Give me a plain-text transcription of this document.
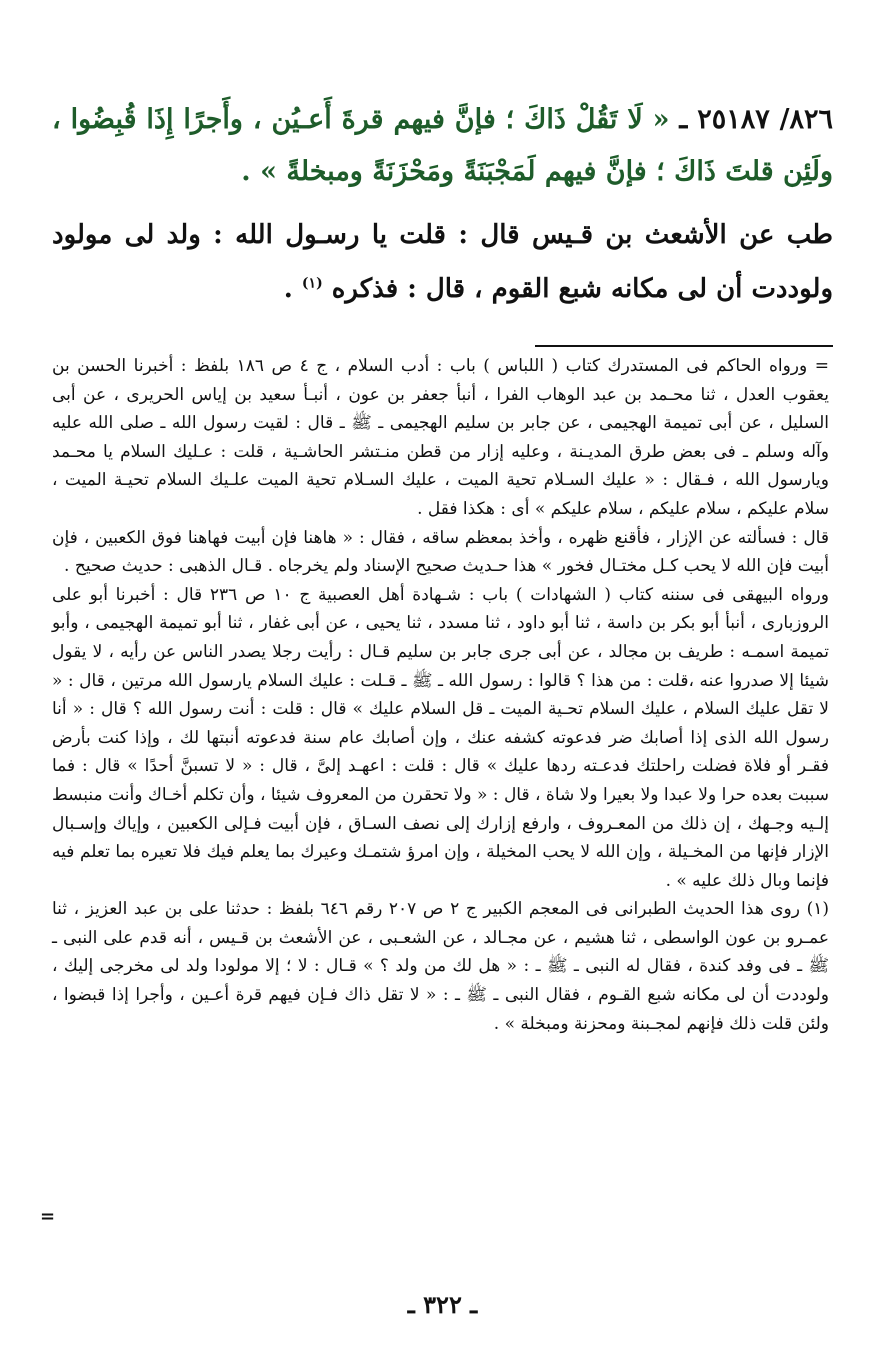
٨٢٦/ ٢٥١٨٧ ـ « لَا تَقُلْ ذَاكَ ؛ فإنَّ فيهم قرةَ أَعـيُن ، وأَجرًا إِذَا قُبِضُوا ، ولَئِن قلتَ ذَاكَ ؛ فإنَّ فيهم لَمَجْبَنَةً ومَحْزَنَةً ومبخلةً » .
طب عن الأشعث بن قـيس قال : قلت يا رسـول الله : ولد لى مولود ولوددت أن لى مكانه شبع القوم ، قال : فذكره $^{(١)}$ .

= ورواه الحاكم فى المستدرك كتاب ( اللباس ) باب : أدب السلام ، ج ٤ ص ١٨٦ بلفظ : أخبرنا الحسن بن يعقوب العدل ، ثنا محـمد بن عبد الوهاب الفرا ، أنبأ جعفر بن عون ، أنبـأ سعيد بن إياس الحريرى ، عن أبى السليل ، عن أبى تميمة الهجيمى ، عن جابر بن سليم الهجيمى ـ ﷺ ـ قال : لقيت رسول الله ـ صلى الله عليه وآله وسلم ـ فى بعض طرق المديـنة ، وعليه إزار من قطن منـتشر الحاشـية ، قلت : عـليك السلام يا محـمد ويارسول الله ، فـقال : « عليك السـلام تحية الميت ، عليك السـلام تحية الميت علـيك السلام تحيـة الميت ، سلام عليكم ، سلام عليكم ، سلام عليكم » أى : هكذا فقل .

قال : فسألته عن الإزار ، فأقنع ظهره ، وأخذ بمعظم ساقه ، فقال : « هاهنا فإن أبيت فهاهنا فوق الكعبين ، فإن أبيت فإن الله لا يحب كـل مختـال فخور » هذا حـديث صحيح الإسناد ولم يخرجاه . قـال الذهبى : حديث صحيح .

ورواه البيهقى فى سننه كتاب ( الشهادات ) باب : شـهادة أهل العصبية ج ١٠ ص ٢٣٦ قال : أخبرنا أبو على الروزبارى ، أنبأ أبو بكر بن داسة ، ثنا أبو داود ، ثنا مسدد ، ثنا يحيى ، عن أبى غفار ، ثنا أبو تميمة الهجيمى ، وأبو تميمة اسمـه : طريف بن مجالد ، عن أبى جرى جابر بن سليم قـال : رأيت رجلا يصدر الناس عن رأيه ، لا يقول شيئا إلا صدروا عنه ،قلت : من هذا ؟ قالوا : رسول الله ـ ﷺ ـ قـلت : عليك السلام يارسول الله مرتين ، قال : « لا تقل عليك السلام ، عليك السلام تحـية الميت ـ قل السلام عليك » قال : قلت : أنت رسول الله ؟ قال : « أنا رسول الله الذى إذا أصابك ضر فدعوته كشفه عنك ، وإن أصابك عام سنة فدعوته أنبتها لك ، وإذا كنت بأرض فقـر أو فلاة فضلت راحلتك فدعـته ردها عليك » قال : قلت : اعهـد إلىَّ ، قال : « لا تسبنَّ أحدًا » قال : فما سببت بعده حرا ولا عبدا ولا بعيرا ولا شاة ، قال : « ولا تحقرن من المعروف شيئا ، وأن تكلم أخـاك وأنت منبسط إلـيه وجـهك ، إن ذلك من المعـروف ، وارفع إزارك إلى نصف السـاق ، فإن أبيت فـإلى الكعبين ، وإياك وإسـبال الإزار فإنها من المخـيلة ، وإن الله لا يحب المخيلة ، وإن امرؤ شتمـك وعيرك بما يعلم فيك فلا تعيره بما تعلم فيه فإنما وبال ذلك عليه » .

(١) روى هذا الحديث الطبرانى فى المعجم الكبير ج ٢ ص ٢٠٧ رقم ٦٤٦ بلفظ : حدثنا على بن عبد العزيز ، ثنا عمـرو بن عون الواسطى ، ثنا هشيم ، عن مجـالد ، عن الشعـبى ، عن الأشعث بن قـيس ، أنه قدم على النبى ـ ﷺ ـ فى وفد كندة ، فقال له النبى ـ ﷺ ـ : « هل لك من ولد ؟ » قـال : لا ؛ إلا مولودا ولد لى مخرجى إليك ، ولوددت أن لى مكانه شبع القـوم ، فقال النبى ـ ﷺ ـ : « لا تقل ذاك فـإن فيهم قرة أعـين ، وأجرا إذا قبضوا ، ولئن قلت ذلك فإنهم لمجـبنة ومحزنة ومبخلة » .

=
ـ ٣٢٢ ـ
